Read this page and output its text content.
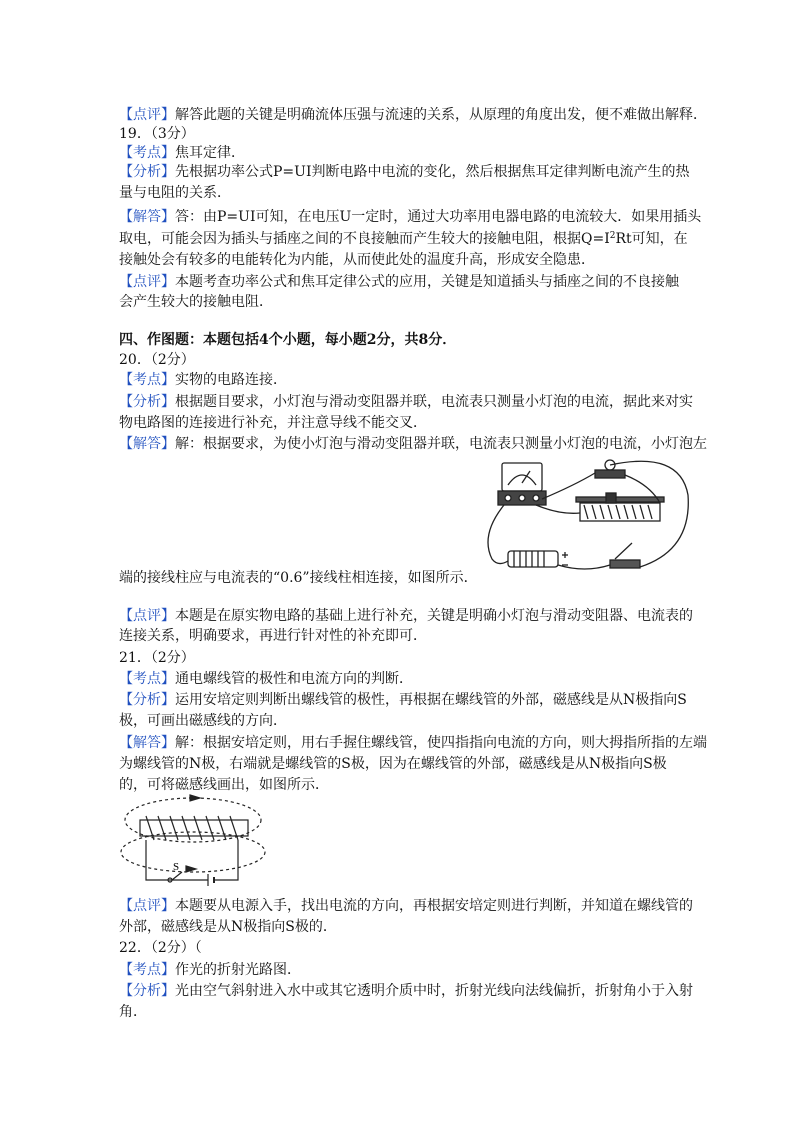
【点评】解答此题的关键是明确流体压强与流速的关系，从原理的角度出发，便不难做出解释．
19．（3分）
【考点】焦耳定律．
【分析】先根据功率公式P=UI判断电路中电流的变化，然后根据焦耳定律判断电流产生的热
量与电阻的关系．
【解答】答：由P=UI可知，在电压U一定时，通过大功率用电器电路的电流较大．如果用插头
取电，可能会因为插头与插座之间的不良接触而产生较大的接触电阻，根据$Q=I^2Rt$可知，在
接触处会有较多的电能转化为内能，从而使此处的温度升高，形成安全隐患．
【点评】本题考查功率公式和焦耳定律公式的应用，关键是知道插头与插座之间的不良接触
会产生较大的接触电阻．
四、作图题：本题包括4个小题，每小题2分，共8分．
20．（2分）
【考点】实物的电路连接．
【分析】根据题目要求，小灯泡与滑动变阻器并联，电流表只测量小灯泡的电流，据此来对实
物电路图的连接进行补充，并注意导线不能交叉．
【解答】解：根据要求，为使小灯泡与滑动变阻器并联，电流表只测量小灯泡的电流，小灯泡左
端的接线柱应与电流表的“0.6”接线柱相连接，如图所示．
【点评】本题是在原实物电路的基础上进行补充，关键是明确小灯泡与滑动变阻器、电流表的
连接关系，明确要求，再进行针对性的补充即可．
21．（2分）
【考点】通电螺线管的极性和电流方向的判断．
【分析】运用安培定则判断出螺线管的极性，再根据在螺线管的外部，磁感线是从N极指向S
极，可画出磁感线的方向．
【解答】解：根据安培定则，用右手握住螺线管，使四指指向电流的方向，则大拇指所指的左端
为螺线管的N极，右端就是螺线管的S极，因为在螺线管的外部，磁感线是从N极指向S极
的，可将磁感线画出，如图所示．
S
【点评】本题要从电源入手，找出电流的方向，再根据安培定则进行判断，并知道在螺线管的
外部，磁感线是从N极指向S极的．
22．（2分）（
【考点】作光的折射光路图．
【分析】光由空气斜射进入水中或其它透明介质中时，折射光线向法线偏折，折射角小于入射
角．
